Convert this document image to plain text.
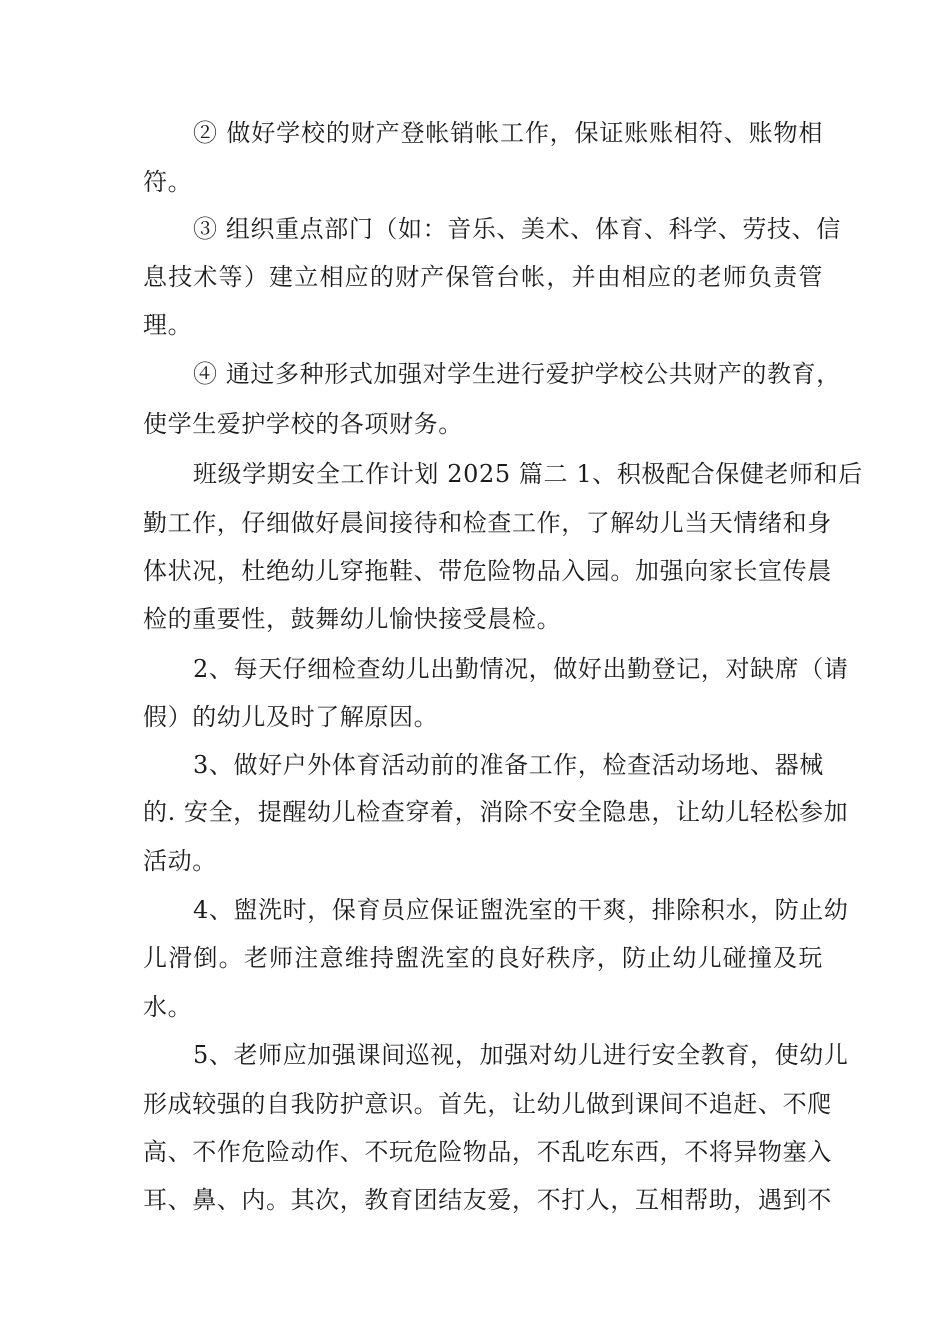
② 做好学校的财产登帐销帐工作，保证账账相符、账物相
符。
③ 组织重点部门（如：音乐、美术、体育、科学、劳技、信
息技术等）建立相应的财产保管台帐，并由相应的老师负责管
理。
④ 通过多种形式加强对学生进行爱护学校公共财产的教育，
使学生爱护学校的各项财务。
班级学期安全工作计划 2025 篇二 1、积极配合保健老师和后
勤工作，仔细做好晨间接待和检查工作，了解幼儿当天情绪和身
体状况，杜绝幼儿穿拖鞋、带危险物品入园。加强向家长宣传晨
检的重要性，鼓舞幼儿愉快接受晨检。
2、每天仔细检查幼儿出勤情况，做好出勤登记，对缺席（请
假）的幼儿及时了解原因。
3、做好户外体育活动前的准备工作，检查活动场地、器械
的. 安全，提醒幼儿检查穿着，消除不安全隐患，让幼儿轻松参加
活动。
4、盥洗时，保育员应保证盥洗室的干爽，排除积水，防止幼
儿滑倒。老师注意维持盥洗室的良好秩序，防止幼儿碰撞及玩
水。
5、老师应加强课间巡视，加强对幼儿进行安全教育，使幼儿
形成较强的自我防护意识。首先，让幼儿做到课间不追赶、不爬
高、不作危险动作、不玩危险物品，不乱吃东西，不将异物塞入
耳、鼻、内。其次，教育团结友爱，不打人，互相帮助，遇到不
